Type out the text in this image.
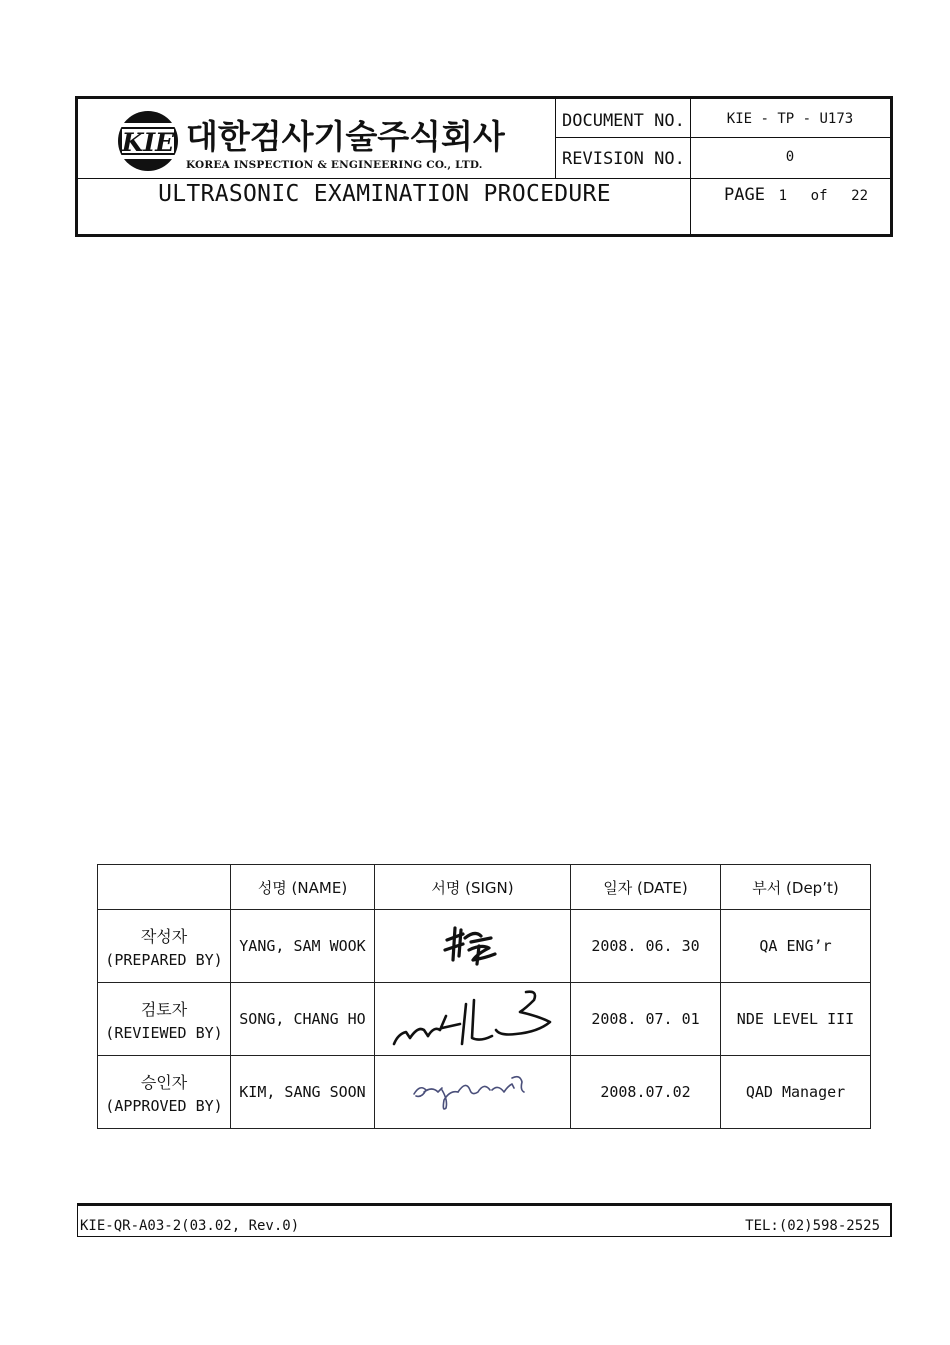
KIE 대한검사기술주식회사
KOREA INSPECTION & ENGINEERING CO., LTD.
DOCUMENT NO.	KIE - TP - U173
REVISION NO.	0
PAGE 1 of 22
ULTRASONIC EXAMINATION PROCEDURE
	성명 (NAME)	서명 (SIGN)	일자 (DATE)	부서 (Dep’t)

작성자
(PREPARED BY)	YANG, SAM WOOK		2008. 06. 30	QA ENG’r

검토자
(REVIEWED BY)	SONG, CHANG HO		2008. 07. 01	NDE LEVEL III

승인자
(APPROVED BY)	KIM, SANG SOON		2008.07.02	QAD Manager
KIE-QR-A03-2(03.02, Rev.0)	TEL:(02)598-2525
